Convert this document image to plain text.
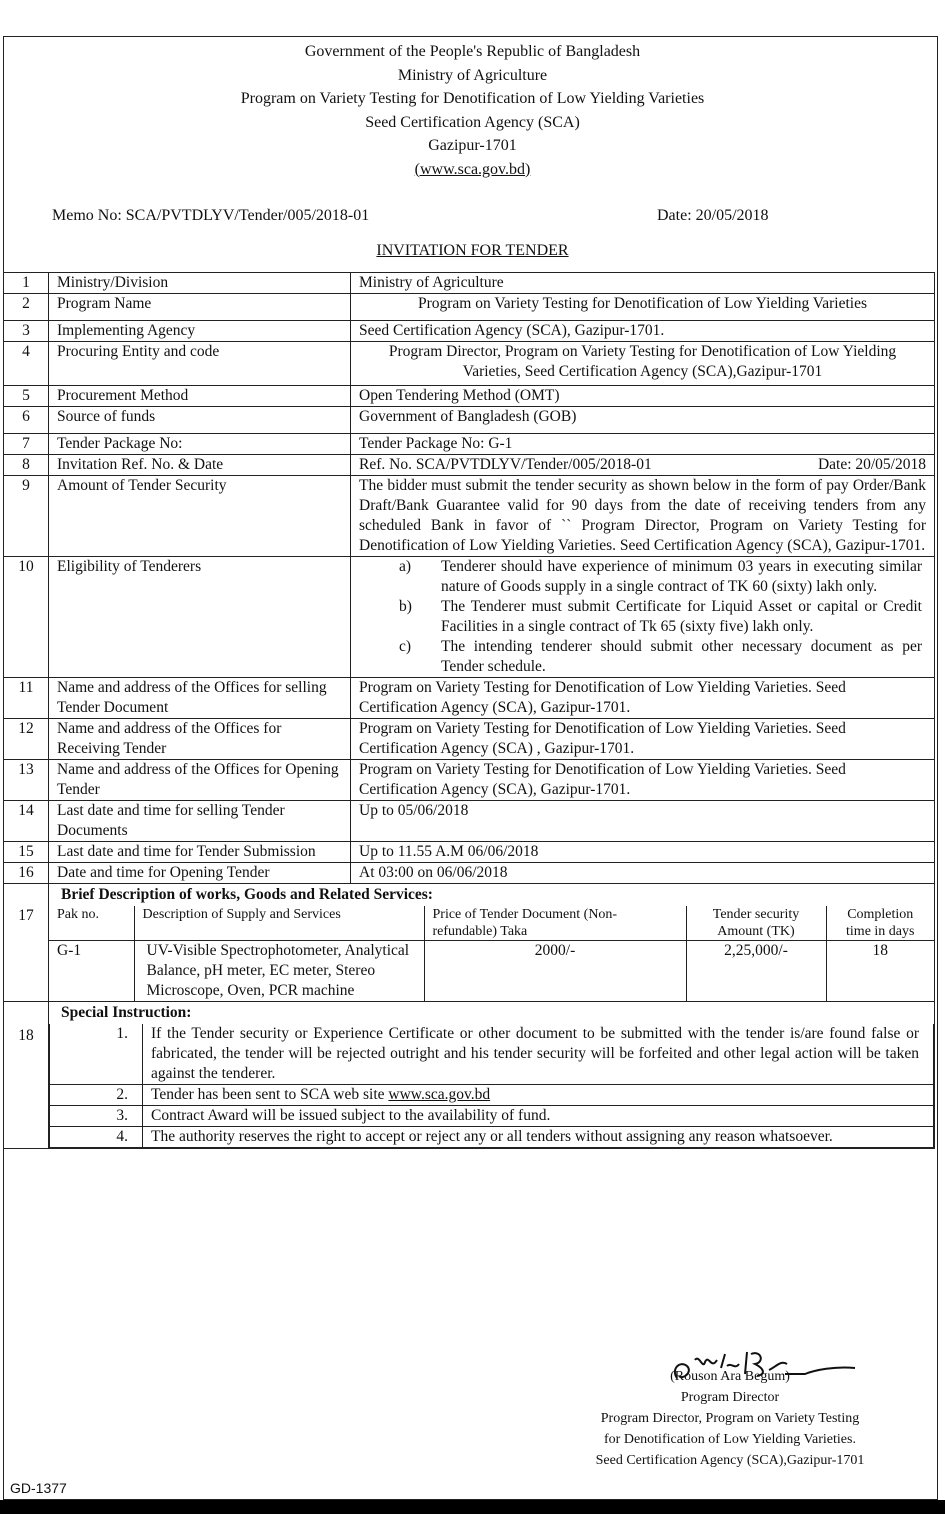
Government of the People's Republic of Bangladesh
Ministry of Agriculture
Program on Variety Testing for Denotification of Low Yielding Varieties
Seed Certification Agency (SCA)
Gazipur-1701
(www.sca.gov.bd)
Memo No: SCA/PVTDLYV/Tender/005/2018-01	Date: 20/05/2018
INVITATION FOR TENDER
1	Ministry/Division	Ministry of Agriculture
2	Program Name	Program on Variety Testing for Denotification of Low Yielding Varieties
3	Implementing Agency	Seed Certification Agency (SCA), Gazipur-1701.
4	Procuring Entity and code	Program Director, Program on Variety Testing for Denotification of Low Yielding Varieties, Seed Certification Agency (SCA),Gazipur-1701
5	Procurement Method	Open Tendering Method (OMT)
6	Source of funds	Government of Bangladesh (GOB)
7	Tender Package No:	Tender Package No: G-1
8	Invitation Ref. No. & Date	Ref. No. SCA/PVTDLYV/Tender/005/2018-01	Date: 20/05/2018

9	Amount of Tender Security	The bidder must submit the tender security as shown below in the form of pay Order/Bank Draft/Bank Guarantee valid for 90 days from the date of receiving tenders from any scheduled Bank in favor of `` Program Director, Program on Variety Testing for Denotification of Low Yielding Varieties. Seed Certification Agency (SCA), Gazipur-1701.
10	Eligibility of Tenderers	a) Tenderer should have experience of minimum 03 years in executing similar nature of Goods supply in a single contract of TK 60 (sixty) lakh only.
b) The Tenderer must submit Certificate for Liquid Asset or capital or Credit Facilities in a single contract of Tk 65 (sixty five) lakh only.
c) The intending tenderer should submit other necessary document as per Tender schedule.

11	Name and address of the Offices for selling Tender Document	Program on Variety Testing for Denotification of Low Yielding Varieties. Seed Certification Agency (SCA), Gazipur-1701.
12	Name and address of the Offices for Receiving Tender	Program on Variety Testing for Denotification of Low Yielding Varieties. Seed Certification Agency (SCA) , Gazipur-1701.
13	Name and address of the Offices for Opening Tender	Program on Variety Testing for Denotification of Low Yielding Varieties. Seed Certification Agency (SCA), Gazipur-1701.
14	Last date and time for selling Tender Documents	Up to 05/06/2018
15	Last date and time for Tender Submission	Up to 11.55 A.M 06/06/2018
16	Date and time for Opening Tender	At 03:00 on 06/06/2018
17	
Brief Description of works, Goods and Related Services:
Pak no.	Description of Supply and Services	Price of Tender Document (Non-refundable) Taka	Tender security Amount (TK)	Completion time in days
G-1	UV-Visible Spectrophotometer, Analytical Balance, pH meter, EC meter, Stereo Microscope, Oven, PCR machine	2000/-	2,25,000/-	18

18	
Special Instruction:
1.	If the Tender security or Experience Certificate or other document to be submitted with the tender is/are found false or fabricated, the tender will be rejected outright and his tender security will be forfeited and other legal action will be taken against the tenderer.
2.	Tender has been sent to SCA web site www.sca.gov.bd
3.	Contract Award will be issued subject to the availability of fund.
4.	The authority reserves the right to accept or reject any or all tenders without assigning any reason whatsoever.
(Rouson Ara Begum)
Program Director
Program Director, Program on Variety Testing
for Denotification of Low Yielding Varieties.
Seed Certification Agency (SCA),Gazipur-1701
GD-1377
